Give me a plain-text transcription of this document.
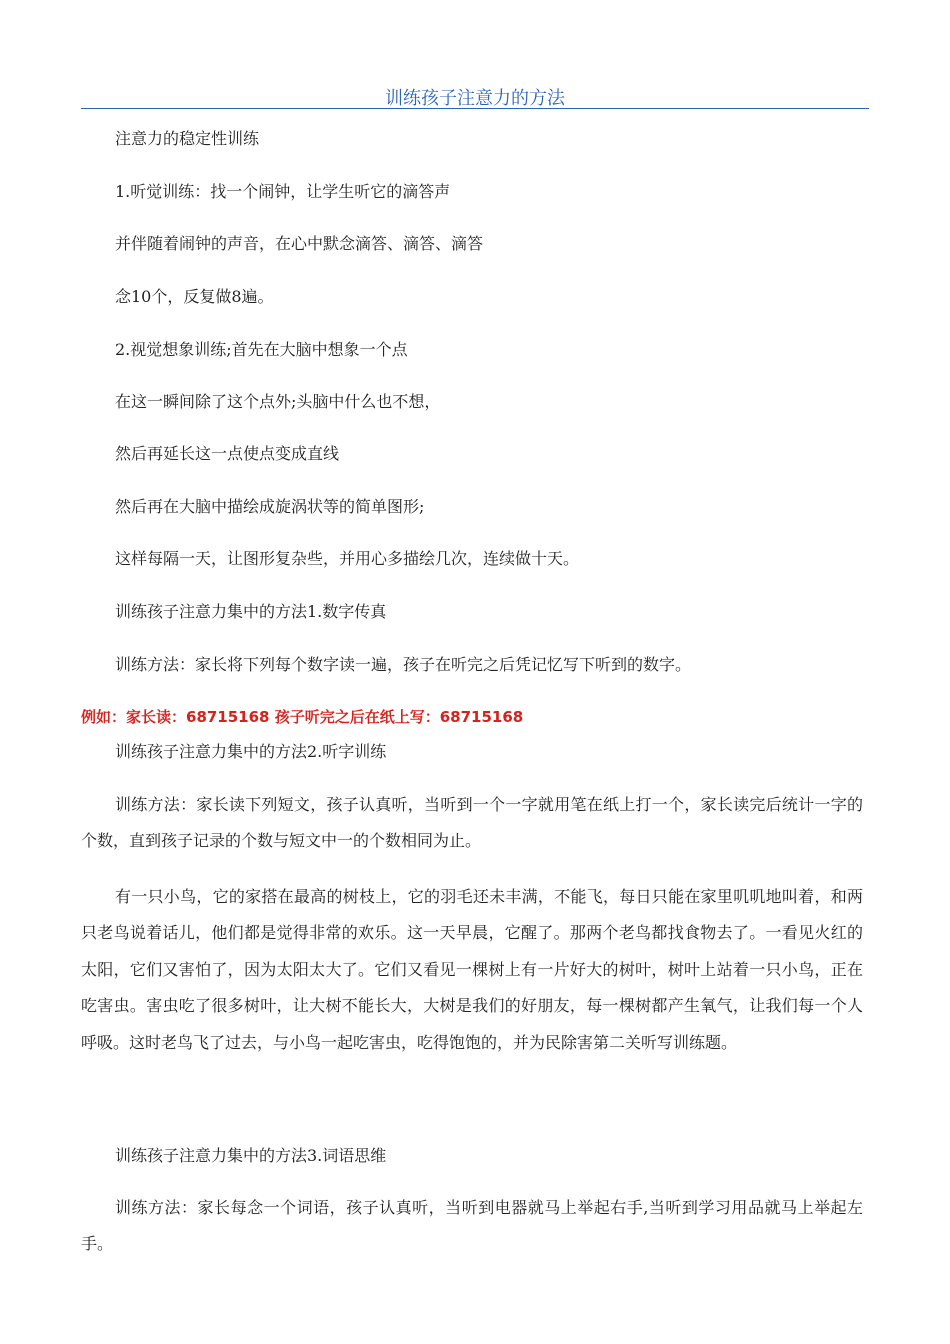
训练孩子注意力的方法
注意力的稳定性训练
1.听觉训练：找一个闹钟，让学生听它的滴答声
并伴随着闹钟的声音，在心中默念滴答、滴答、滴答
念10个，反复做8遍。
2.视觉想象训练;首先在大脑中想象一个点
在这一瞬间除了这个点外;头脑中什么也不想，
然后再延长这一点使点变成直线
然后再在大脑中描绘成旋涡状等的简单图形;
这样每隔一天，让图形复杂些，并用心多描绘几次，连续做十天。
训练孩子注意力集中的方法1.数字传真
训练方法：家长将下列每个数字读一遍，孩子在听完之后凭记忆写下听到的数字。
例如：家长读：68715168 孩子听完之后在纸上写：68715168
训练孩子注意力集中的方法2.听字训练
训练方法：家长读下列短文，孩子认真听，当听到一个一字就用笔在纸上打一个，家长读完后统计一字的个数，直到孩子记录的个数与短文中一的个数相同为止。
有一只小鸟，它的家搭在最高的树枝上，它的羽毛还未丰满，不能飞，每日只能在家里叽叽地叫着，和两只老鸟说着话儿，他们都是觉得非常的欢乐。这一天早晨，它醒了。那两个老鸟都找食物去了。一看见火红的太阳，它们又害怕了，因为太阳太大了。它们又看见一棵树上有一片好大的树叶，树叶上站着一只小鸟，正在吃害虫。害虫吃了很多树叶，让大树不能长大，大树是我们的好朋友，每一棵树都产生氧气，让我们每一个人呼吸。这时老鸟飞了过去，与小鸟一起吃害虫，吃得饱饱的，并为民除害第二关听写训练题。
训练孩子注意力集中的方法3.词语思维
训练方法：家长每念一个词语，孩子认真听，当听到电器就马上举起右手,当听到学习用品就马上举起左手。
